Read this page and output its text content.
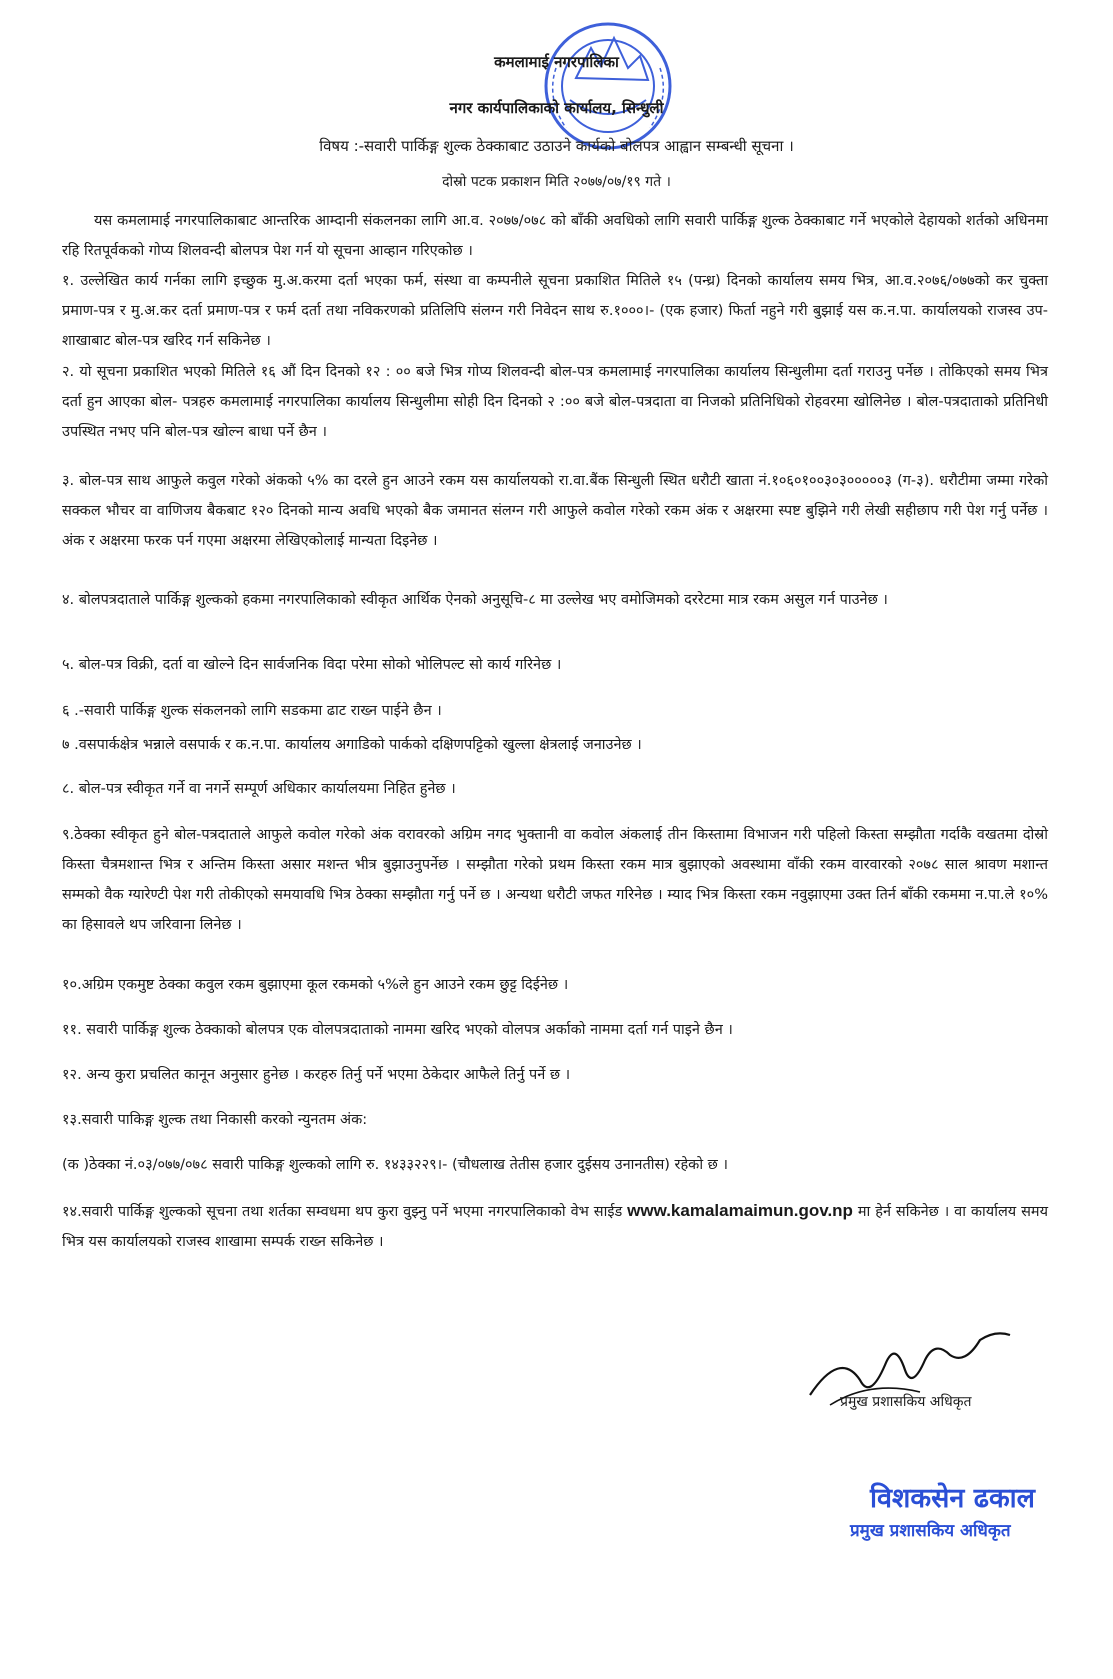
कमलामाई नगरपालिका
नगर कार्यपालिकाको कार्यालय, सिन्धुली
विषय :-सवारी पार्किङ्ग शुल्क ठेक्काबाट उठाउने कार्यको बोलपत्र आह्वान सम्बन्धी सूचना ।
दोस्रो पटक प्रकाशन मिति २०७७/०७/१९ गते ।

यस कमलामाई नगरपालिकाबाट आन्तरिक आम्दानी संकलनका लागि आ.व. २०७७/०७८ को बाँकी अवधिको लागि सवारी पार्किङ्ग शुल्क ठेक्काबाट गर्ने भएकोले देहायको शर्तको अधिनमा रहि रितपूर्वकको गोप्य शिलवन्दी बोलपत्र पेश गर्न यो सूचना आव्हान गरिएकोछ ।

१. उल्लेखित कार्य गर्नका लागि इच्छुक मु.अ.करमा दर्ता भएका फर्म, संस्था वा कम्पनीले सूचना प्रकाशित मितिले १५ (पन्ध्र) दिनको कार्यालय समय भित्र, आ.व.२०७६/०७७को कर चुक्ता प्रमाण-पत्र र मु.अ.कर दर्ता प्रमाण-पत्र र फर्म दर्ता तथा नविकरणको प्रतिलिपि संलग्न गरी निवेदन साथ रु.१०००।- (एक हजार) फिर्ता नहुने गरी बुझाई यस क.न.पा. कार्यालयको राजस्व उप-शाखाबाट बोल-पत्र खरिद गर्न सकिनेछ ।

२. यो सूचना प्रकाशित भएको मितिले १६ औं दिन दिनको १२ : ०० बजे भित्र गोप्य शिलवन्दी बोल-पत्र कमलामाई नगरपालिका कार्यालय सिन्धुलीमा दर्ता गराउनु पर्नेछ । तोकिएको समय भित्र दर्ता हुन आएका बोल- पत्रहरु कमलामाई नगरपालिका कार्यालय सिन्धुलीमा सोही दिन दिनको २ :०० बजे बोल-पत्रदाता वा निजको प्रतिनिधिको रोहवरमा खोलिनेछ । बोल-पत्रदाताको प्रतिनिधी उपस्थित नभए पनि बोल-पत्र खोल्न बाधा पर्ने छैन ।

३. बोल-पत्र साथ आफुले कवुल गरेको अंकको ५% का दरले हुन आउने रकम यस कार्यालयको रा.वा.बैंक सिन्धुली स्थित धरौटी खाता नं.१०६०१००३०३०००००३ (ग-३). धरौटीमा जम्मा गरेको सक्कल भौचर वा वाणिजय बैकबाट १२० दिनको मान्य अवधि भएको बैक जमानत संलग्न गरी आफुले कवोल गरेको रकम अंक र अक्षरमा स्पष्ट बुझिने गरी लेखी सहीछाप गरी पेश गर्नु पर्नेछ । अंक र अक्षरमा फरक पर्न गएमा अक्षरमा लेखिएकोलाई मान्यता दिइनेछ ।

४. बोलपत्रदाताले पार्किङ्ग शुल्कको हकमा नगरपालिकाको स्वीकृत आर्थिक ऐनको अनुसूचि-८ मा उल्लेख भए वमोजिमको दररेटमा मात्र रकम असुल गर्न पाउनेछ ।

५. बोल-पत्र विक्री, दर्ता वा खोल्ने दिन सार्वजनिक विदा परेमा सोको भोलिपल्ट सो कार्य गरिनेछ ।

६ .-सवारी पार्किङ्ग शुल्क संकलनको लागि सडकमा ढाट राख्न पाईने छैन ।

७ .वसपार्कक्षेत्र भन्नाले वसपार्क र क.न.पा. कार्यालय अगाडिको पार्कको दक्षिणपट्टिको खुल्ला क्षेत्रलाई जनाउनेछ ।

८. बोल-पत्र स्वीकृत गर्ने वा नगर्ने सम्पूर्ण अधिकार कार्यालयमा निहित हुनेछ ।

९.ठेक्का स्वीकृत हुने बोल-पत्रदाताले आफुले कवोल गरेको अंक वरावरको अग्रिम नगद भुक्तानी वा कवोल अंकलाई तीन किस्तामा विभाजन गरी पहिलो किस्ता सम्झौता गर्दाकै वखतमा दोस्रो किस्ता चैत्रमशान्त भित्र र अन्तिम किस्ता असार मशन्त भीत्र बुझाउनुपर्नेछ । सम्झौता गरेको प्रथम किस्ता रकम मात्र बुझाएको अवस्थामा वाँकी रकम वारवारको २०७८ साल श्रावण मशान्त सम्मको वैक ग्यारेण्टी पेश गरी तोकीएको समयावधि भित्र ठेक्का सम्झौता गर्नु पर्ने छ । अन्यथा धरौटी जफत गरिनेछ । म्याद भित्र किस्ता रकम नवुझाएमा उक्त तिर्न बाँकी रकममा न.पा.ले १०% का हिसावले थप जरिवाना लिनेछ ।

१०.अग्रिम एकमुष्ट ठेक्का कवुल रकम बुझाएमा कूल रकमको ५%ले हुन आउने रकम छुट्ट दिईनेछ ।

११. सवारी पार्किङ्ग शुल्क ठेक्काको बोलपत्र एक वोलपत्रदाताको नाममा खरिद भएको वोलपत्र अर्काको नाममा दर्ता गर्न पाइने छैन ।

१२. अन्य कुरा प्रचलित कानून अनुसार हुनेछ । करहरु तिर्नु पर्ने भएमा ठेकेदार आफैले तिर्नु पर्ने छ ।

१३.सवारी पाकिङ्ग शुल्क तथा निकासी करको न्युनतम अंक:

(क )ठेक्का नं.०३/०७७/०७८ सवारी पाकिङ्ग शुल्कको लागि रु. १४३३२२९।- (चौधलाख तेतीस हजार दुईसय उनानतीस) रहेको छ ।

१४.सवारी पार्किङ्ग शुल्कको सूचना तथा शर्तका सम्वधमा थप कुरा वुझ्नु पर्ने भएमा नगरपालिकाको वेभ साईड www.kamalamaimun.gov.np मा हेर्न सकिनेछ । वा कार्यालय समय भित्र यस कार्यालयको राजस्व शाखामा सम्पर्क राख्न सकिनेछ ।

प्रमुख प्रशासकिय अधिकृत
विशकसेन ढकाल
प्रमुख प्रशासकिय अधिकृत
